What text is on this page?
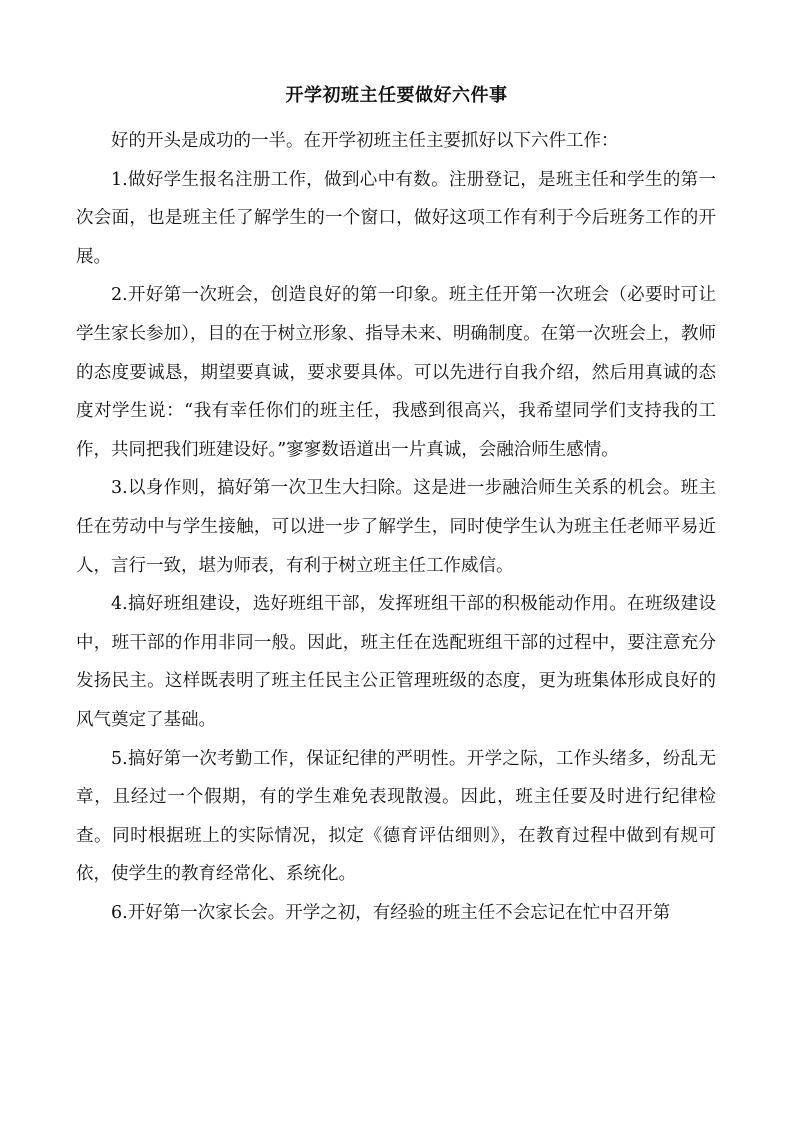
开学初班主任要做好六件事

好的开头是成功的一半。在开学初班主任主要抓好以下六件工作：

1.做好学生报名注册工作，做到心中有数。注册登记，是班主任和学生的第一次会面，也是班主任了解学生的一个窗口，做好这项工作有利于今后班务工作的开展。

2.开好第一次班会，创造良好的第一印象。班主任开第一次班会（必要时可让学生家长参加），目的在于树立形象、指导未来、明确制度。在第一次班会上，教师的态度要诚恳，期望要真诚，要求要具体。可以先进行自我介绍，然后用真诚的态度对学生说：“我有幸任你们的班主任，我感到很高兴，我希望同学们支持我的工作，共同把我们班建设好。”寥寥数语道出一片真诚，会融洽师生感情。

3.以身作则，搞好第一次卫生大扫除。这是进一步融洽师生关系的机会。班主任在劳动中与学生接触，可以进一步了解学生，同时使学生认为班主任老师平易近人，言行一致，堪为师表，有利于树立班主任工作威信。

4.搞好班组建设，选好班组干部，发挥班组干部的积极能动作用。在班级建设中，班干部的作用非同一般。因此，班主任在选配班组干部的过程中，要注意充分发扬民主。这样既表明了班主任民主公正管理班级的态度，更为班集体形成良好的风气奠定了基础。

5.搞好第一次考勤工作，保证纪律的严明性。开学之际，工作头绪多，纷乱无章，且经过一个假期，有的学生难免表现散漫。因此，班主任要及时进行纪律检查。同时根据班上的实际情况，拟定《德育评估细则》，在教育过程中做到有规可依，使学生的教育经常化、系统化。

6.开好第一次家长会。开学之初，有经验的班主任不会忘记在忙中召开第
